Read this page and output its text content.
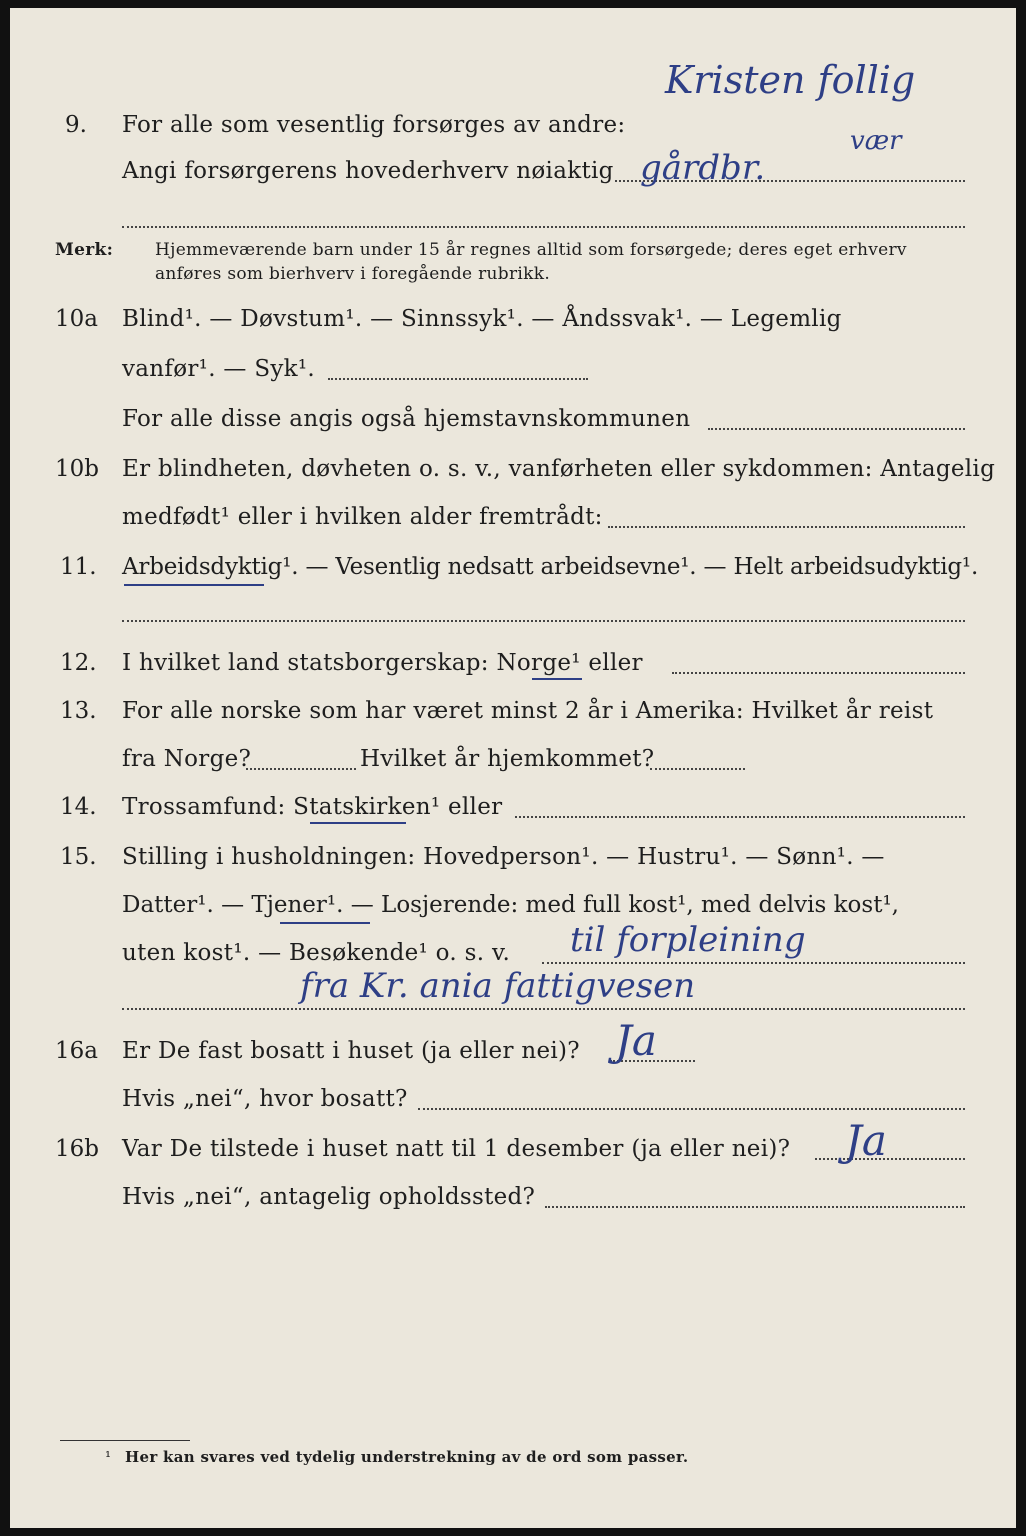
9. For alle som vesentlig forsørges av andre:
Angi forsørgerens hovederhverv nøiaktig
Kristen follig
vær
gårdbr.
Merk: Hjemmeværende barn under 15 år regnes alltid som forsørgede; deres eget erhverv
anføres som bierhverv i foregående rubrikk.
10a Blind¹. — Døvstum¹. — Sinnssyk¹. — Åndssvak¹. — Legemlig
vanfør¹. — Syk¹.
For alle disse angis også hjemstavnskommunen
10b Er blindheten, døvheten o. s. v., vanførheten eller sykdommen: Antagelig
medfødt¹ eller i hvilken alder fremtrådt:
11. Arbeidsdyktig¹. — Vesentlig nedsatt arbeidsevne¹. — Helt arbeidsudyktig¹.
12. I hvilket land statsborgerskap: Norge¹ eller
13. For alle norske som har været minst 2 år i Amerika: Hvilket år reist
fra Norge?	Hvilket år hjemkommet?
14. Trossamfund: Statskirken¹ eller
15. Stilling i husholdningen: Hovedperson¹. — Hustru¹. — Sønn¹. —
Datter¹. — Tjener¹. — Losjerende: med full kost¹, med delvis kost¹,
uten kost¹. — Besøkende¹ o. s. v. til forpleining
fra Kr. ania fattigvesen
16a Er De fast bosatt i huset (ja eller nei)? Ja
Hvis „nei“, hvor bosatt?
16b Var De tilstede i huset natt til 1 desember (ja eller nei)? Ja
Hvis „nei“, antagelig opholdssted?
¹ Her kan svares ved tydelig understrekning av de ord som passer.
